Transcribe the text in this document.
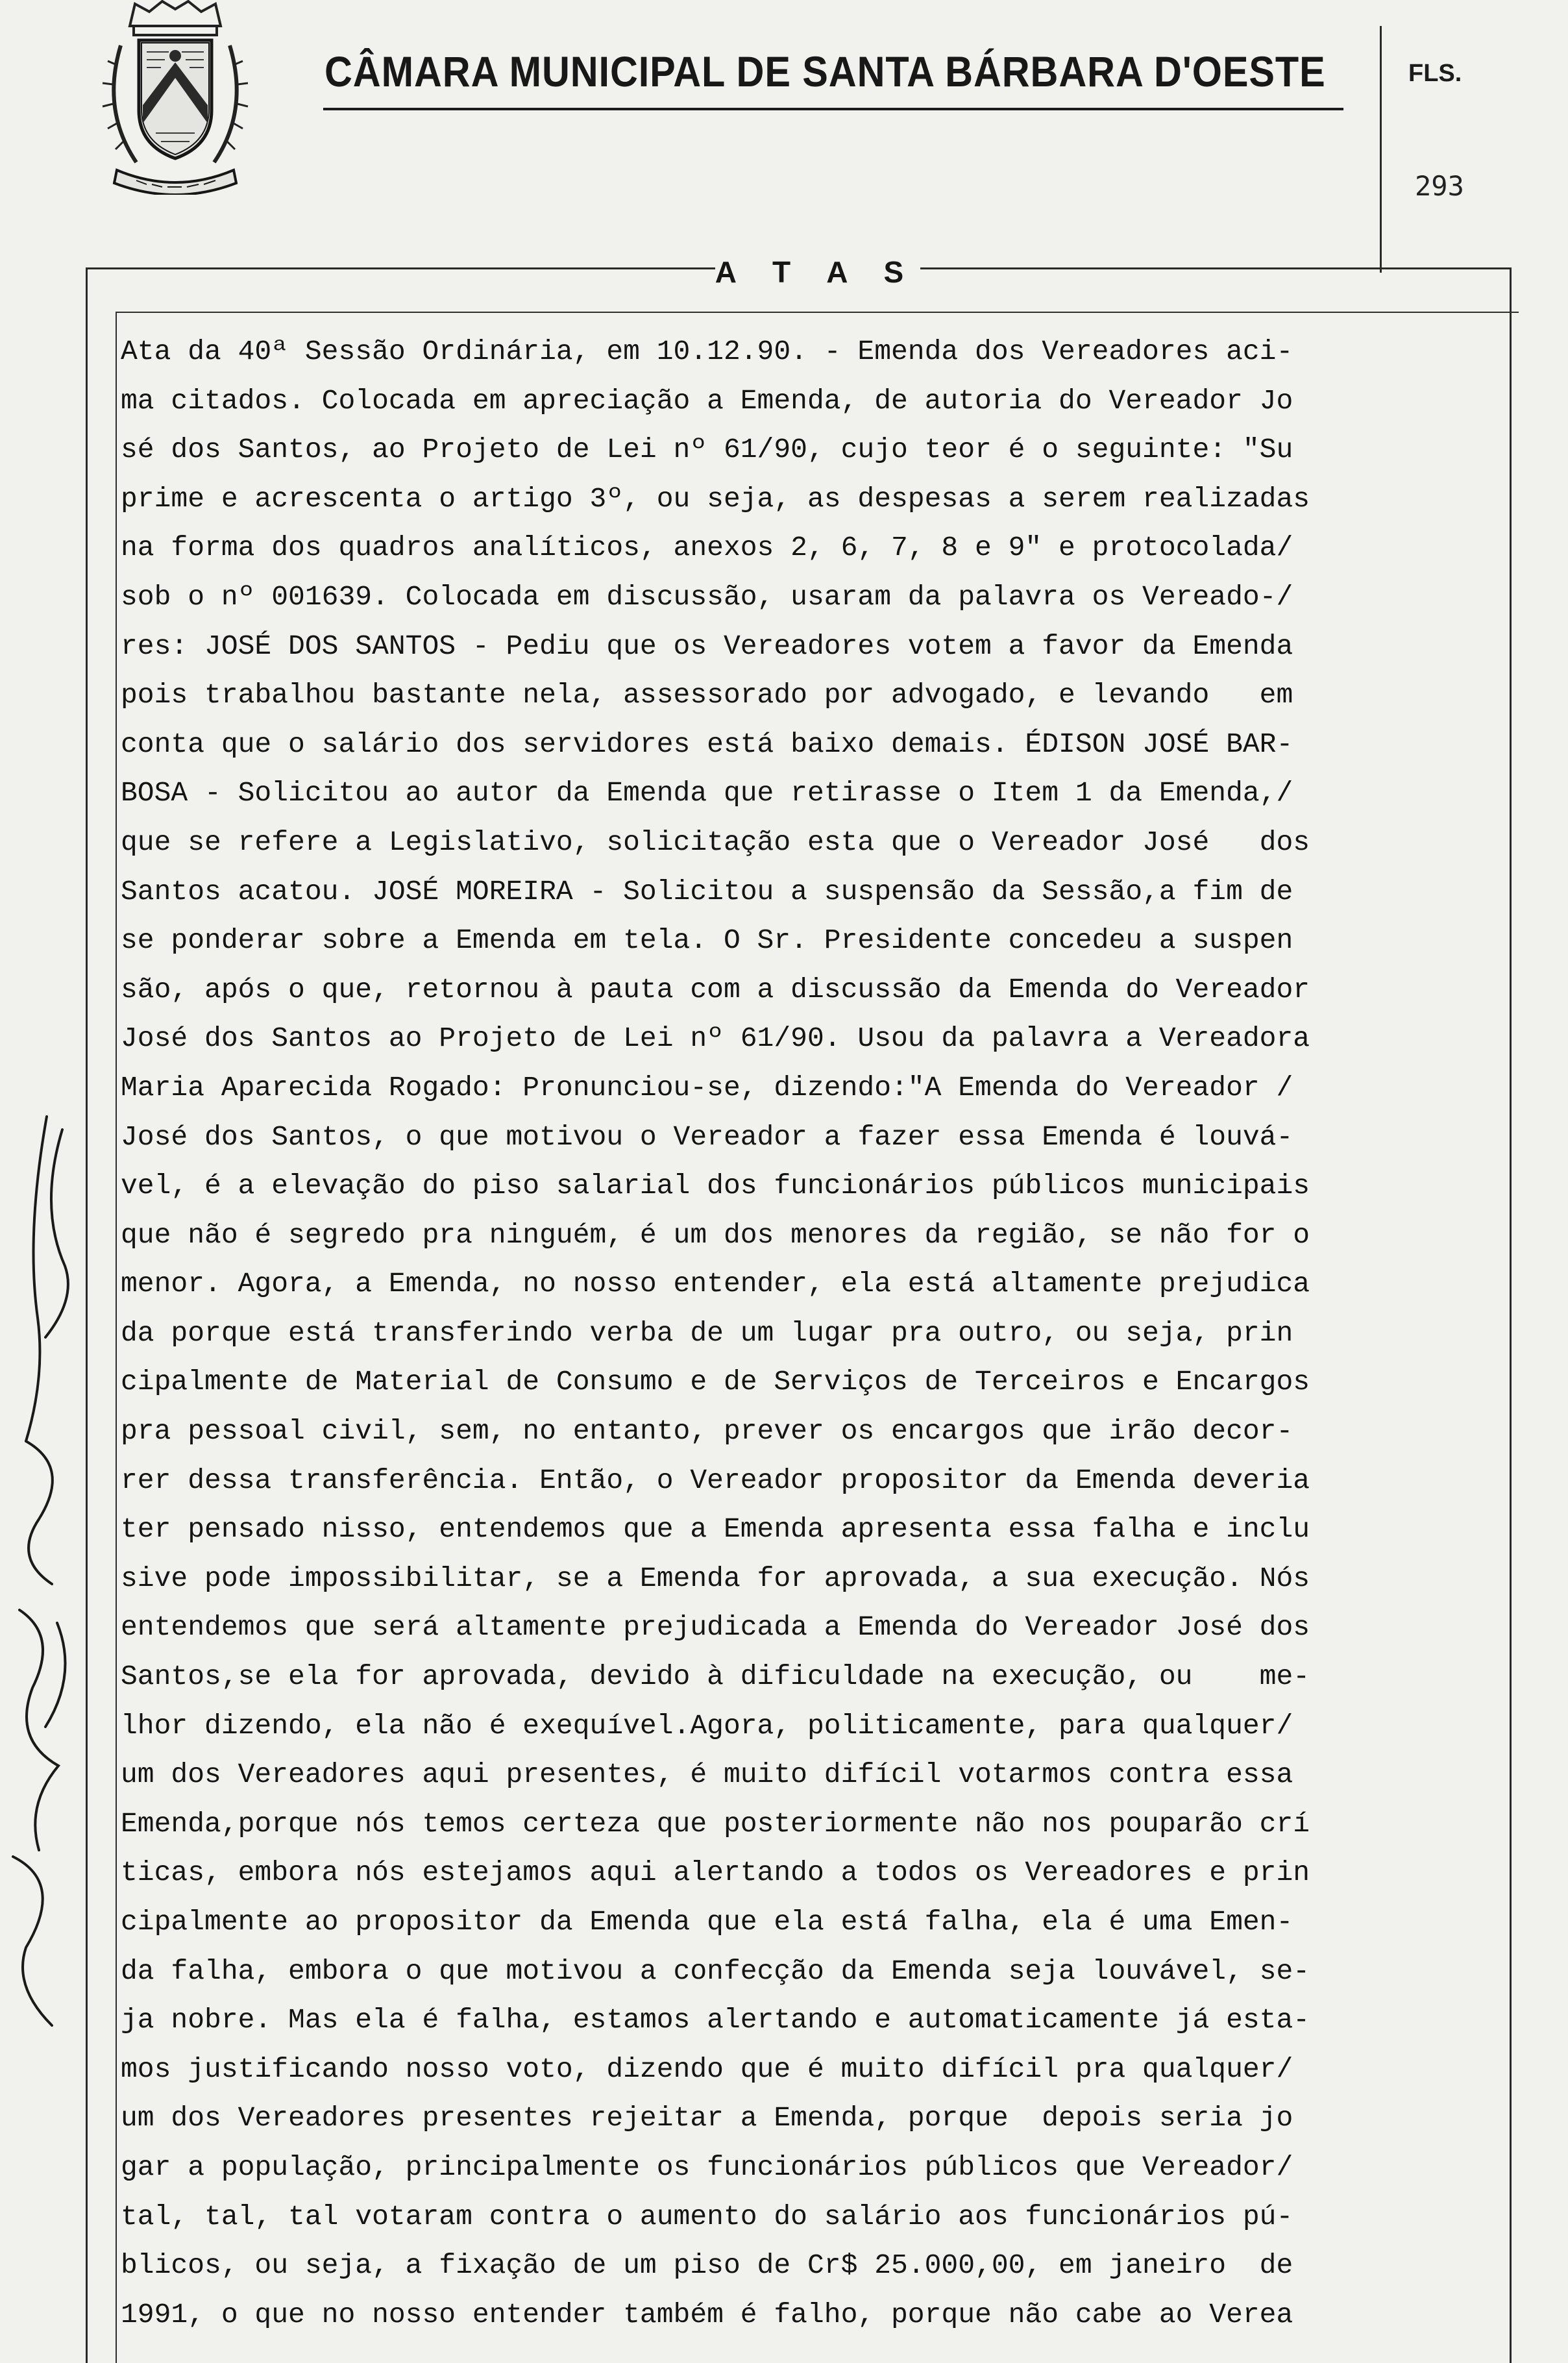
CÂMARA MUNICIPAL DE SANTA BÁRBARA D'OESTE	FLS.
293
A T A S
Ata da 40ª Sessão Ordinária, em 10.12.90. - Emenda dos Vereadores aci-
ma citados. Colocada em apreciação a Emenda, de autoria do Vereador Jo
sé dos Santos, ao Projeto de Lei nº 61/90, cujo teor é o seguinte: "Su
prime e acrescenta o artigo 3º, ou seja, as despesas a serem realizadas
na forma dos quadros analíticos, anexos 2, 6, 7, 8 e 9" e protocolada/
sob o nº 001639. Colocada em discussão, usaram da palavra os Vereado-/
res: JOSÉ DOS SANTOS - Pediu que os Vereadores votem a favor da Emenda
pois trabalhou bastante nela, assessorado por advogado, e levando   em
conta que o salário dos servidores está baixo demais. ÉDISON JOSÉ BAR-
BOSA - Solicitou ao autor da Emenda que retirasse o Item 1 da Emenda,/
que se refere a Legislativo, solicitação esta que o Vereador José   dos
Santos acatou. JOSÉ MOREIRA - Solicitou a suspensão da Sessão,a fim de
se ponderar sobre a Emenda em tela. O Sr. Presidente concedeu a suspen
são, após o que, retornou à pauta com a discussão da Emenda do Vereador
José dos Santos ao Projeto de Lei nº 61/90. Usou da palavra a Vereadora
Maria Aparecida Rogado: Pronunciou-se, dizendo:"A Emenda do Vereador /
José dos Santos, o que motivou o Vereador a fazer essa Emenda é louvá-
vel, é a elevação do piso salarial dos funcionários públicos municipais
que não é segredo pra ninguém, é um dos menores da região, se não for o
menor. Agora, a Emenda, no nosso entender, ela está altamente prejudica
da porque está transferindo verba de um lugar pra outro, ou seja, prin
cipalmente de Material de Consumo e de Serviços de Terceiros e Encargos
pra pessoal civil, sem, no entanto, prever os encargos que irão decor-
rer dessa transferência. Então, o Vereador propositor da Emenda deveria
ter pensado nisso, entendemos que a Emenda apresenta essa falha e inclu
sive pode impossibilitar, se a Emenda for aprovada, a sua execução. Nós
entendemos que será altamente prejudicada a Emenda do Vereador José dos
Santos,se ela for aprovada, devido à dificuldade na execução, ou    me-
lhor dizendo, ela não é exequível.Agora, politicamente, para qualquer/
um dos Vereadores aqui presentes, é muito difícil votarmos contra essa
Emenda,porque nós temos certeza que posteriormente não nos pouparão crí
ticas, embora nós estejamos aqui alertando a todos os Vereadores e prin
cipalmente ao propositor da Emenda que ela está falha, ela é uma Emen-
da falha, embora o que motivou a confecção da Emenda seja louvável, se-
ja nobre. Mas ela é falha, estamos alertando e automaticamente já esta-
mos justificando nosso voto, dizendo que é muito difícil pra qualquer/
um dos Vereadores presentes rejeitar a Emenda, porque  depois seria jo
gar a população, principalmente os funcionários públicos que Vereador/
tal, tal, tal votaram contra o aumento do salário aos funcionários pú-
blicos, ou seja, a fixação de um piso de Cr$ 25.000,00, em janeiro  de
1991, o que no nosso entender também é falho, porque não cabe ao Verea
